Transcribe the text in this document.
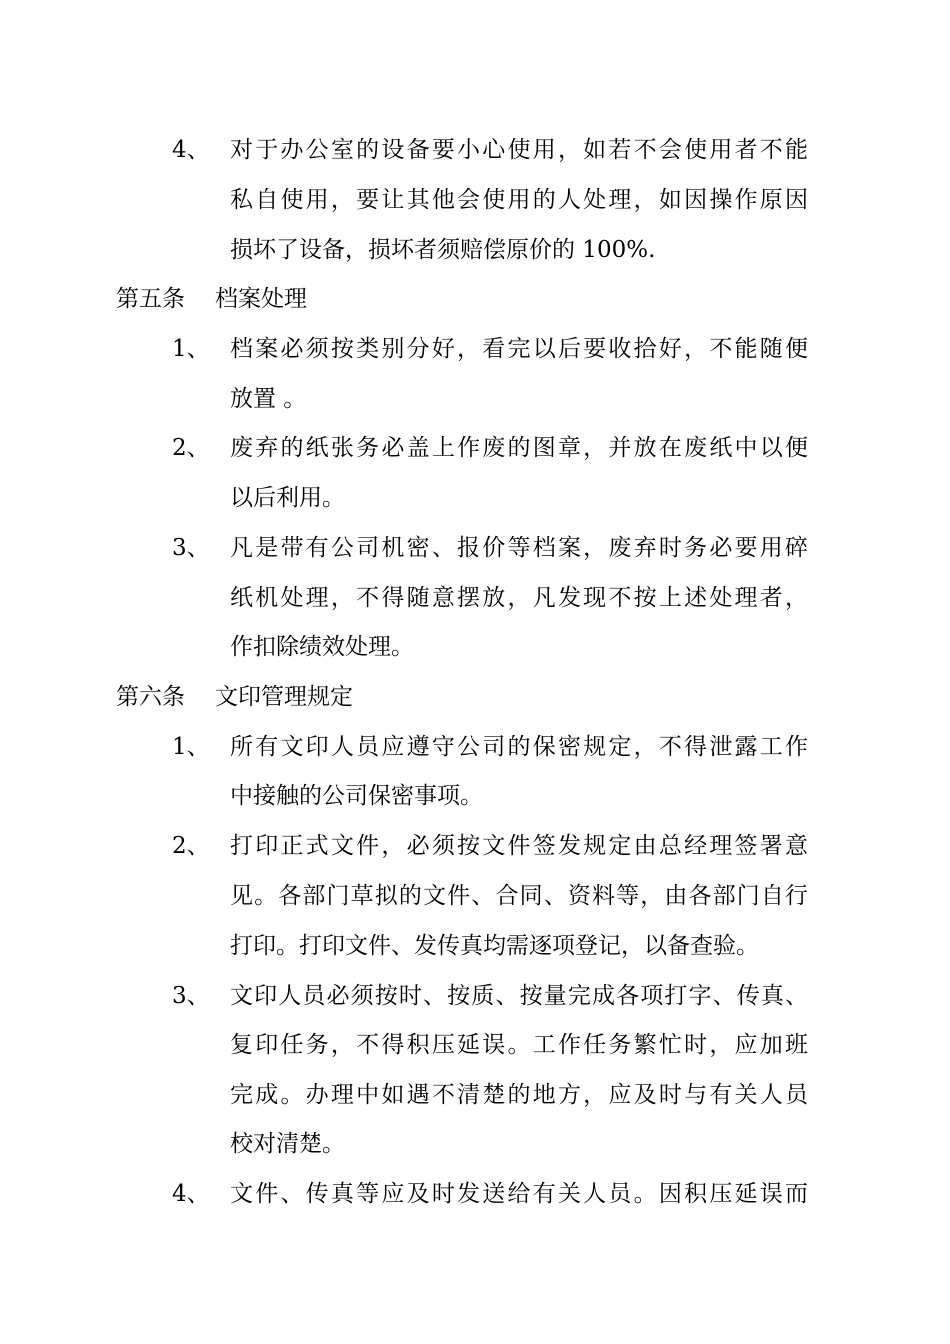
4、 对于办公室的设备要小心使用，如若不会使用者不能
私自使用，要让其他会使用的人处理，如因操作原因
损坏了设备，损坏者须赔偿原价的 100%.
第五条 档案处理
1、 档案必须按类别分好，看完以后要收拾好，不能随便
放置 。
2、 废弃的纸张务必盖上作废的图章，并放在废纸中以便
以后利用。
3、 凡是带有公司机密、报价等档案，废弃时务必要用碎
纸机处理，不得随意摆放，凡发现不按上述处理者，
作扣除绩效处理。
第六条 文印管理规定
1、 所有文印人员应遵守公司的保密规定，不得泄露工作
中接触的公司保密事项。
2、 打印正式文件，必须按文件签发规定由总经理签署意
见。各部门草拟的文件、合同、资料等，由各部门自行
打印。打印文件、发传真均需逐项登记，以备查验。
3、 文印人员必须按时、按质、按量完成各项打字、传真、
复印任务，不得积压延误。工作任务繁忙时，应加班
完成。办理中如遇不清楚的地方，应及时与有关人员
校对清楚。
4、 文件、传真等应及时发送给有关人员。因积压延误而
